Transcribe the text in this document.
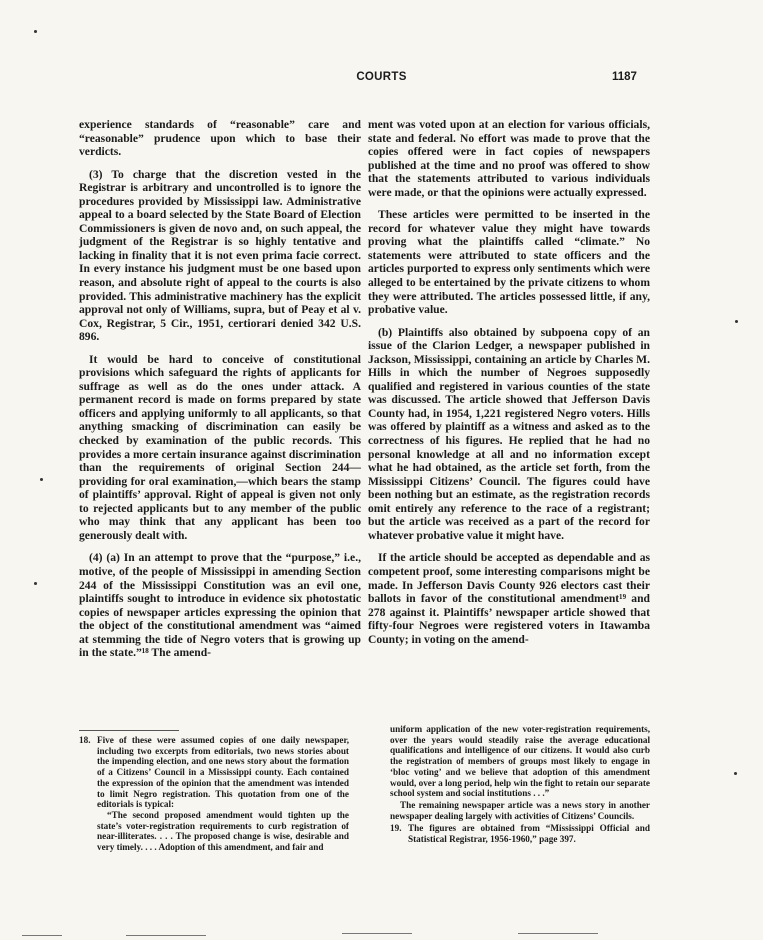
COURTS	1187

experience standards of “reasonable” care and “reasonable” prudence upon which to base their verdicts.

(3) To charge that the discretion vested in the Registrar is arbitrary and uncontrolled is to ignore the procedures provided by Mississippi law. Administrative appeal to a board selected by the State Board of Election Commissioners is given de novo and, on such appeal, the judgment of the Registrar is so highly tentative and lacking in finality that it is not even prima facie correct. In every instance his judgment must be one based upon reason, and absolute right of appeal to the courts is also provided. This administrative machinery has the explicit approval not only of Williams, supra, but of Peay et al v. Cox, Registrar, 5 Cir., 1951, certiorari denied 342 U.S. 896.

It would be hard to conceive of constitutional provisions which safeguard the rights of applicants for suffrage as well as do the ones under attack. A permanent record is made on forms prepared by state officers and applying uniformly to all applicants, so that anything smacking of discrimination can easily be checked by examination of the public records. This provides a more certain insurance against discrimination than the requirements of original Section 244—providing for oral examination,—which bears the stamp of plaintiffs’ approval. Right of appeal is given not only to rejected applicants but to any member of the public who may think that any applicant has been too generously dealt with.

(4) (a) In an attempt to prove that the “purpose,” i.e., motive, of the people of Mississippi in amending Section 244 of the Mississippi Constitution was an evil one, plaintiffs sought to introduce in evidence six photostatic copies of newspaper articles expressing the opinion that the object of the constitutional amendment was “aimed at stemming the tide of Negro voters that is growing up in the state.”¹⁸ The amend-

ment was voted upon at an election for various officials, state and federal. No effort was made to prove that the copies offered were in fact copies of newspapers published at the time and no proof was offered to show that the statements attributed to various individuals were made, or that the opinions were actually expressed.

These articles were permitted to be inserted in the record for whatever value they might have towards proving what the plaintiffs called “climate.” No statements were attributed to state officers and the articles purported to express only sentiments which were alleged to be entertained by the private citizens to whom they were attributed. The articles possessed little, if any, probative value.

(b) Plaintiffs also obtained by subpoena copy of an issue of the Clarion Ledger, a newspaper published in Jackson, Mississippi, containing an article by Charles M. Hills in which the number of Negroes supposedly qualified and registered in various counties of the state was discussed. The article showed that Jefferson Davis County had, in 1954, 1,221 registered Negro voters. Hills was offered by plaintiff as a witness and asked as to the correctness of his figures. He replied that he had no personal knowledge at all and no information except what he had obtained, as the article set forth, from the Mississippi Citizens’ Council. The figures could have been nothing but an estimate, as the registration records omit entirely any reference to the race of a registrant; but the article was received as a part of the record for whatever probative value it might have.

If the article should be accepted as dependable and as competent proof, some interesting comparisons might be made. In Jefferson Davis County 926 electors cast their ballots in favor of the constitutional amendment¹⁹ and 278 against it. Plaintiffs’ newspaper article showed that fifty-four Negroes were registered voters in Itawamba County; in voting on the amend-

18. Five of these were assumed copies of one daily newspaper, including two excerpts from editorials, two news stories about the impending election, and one news story about the formation of a Citizens’ Council in a Mississippi county. Each contained the expression of the opinion that the amendment was intended to limit Negro registration. This quotation from one of the editorials is typical:
“The second proposed amendment would tighten up the state’s voter-registration requirements to curb registration of near-illiterates. . . . The proposed change is wise, desirable and very timely. . . . Adoption of this amendment, and fair and
uniform application of the new voter-registration requirements, over the years would steadily raise the average educational qualifications and intelligence of our citizens. It would also curb the registration of members of groups most likely to engage in ‘bloc voting’ and we believe that adoption of this amendment would, over a long period, help win the fight to retain our separate school system and social institutions . . .”
The remaining newspaper article was a news story in another newspaper dealing largely with activities of Citizens’ Councils.
19. The figures are obtained from “Mississippi Official and Statistical Registrar, 1956-1960,” page 397.
